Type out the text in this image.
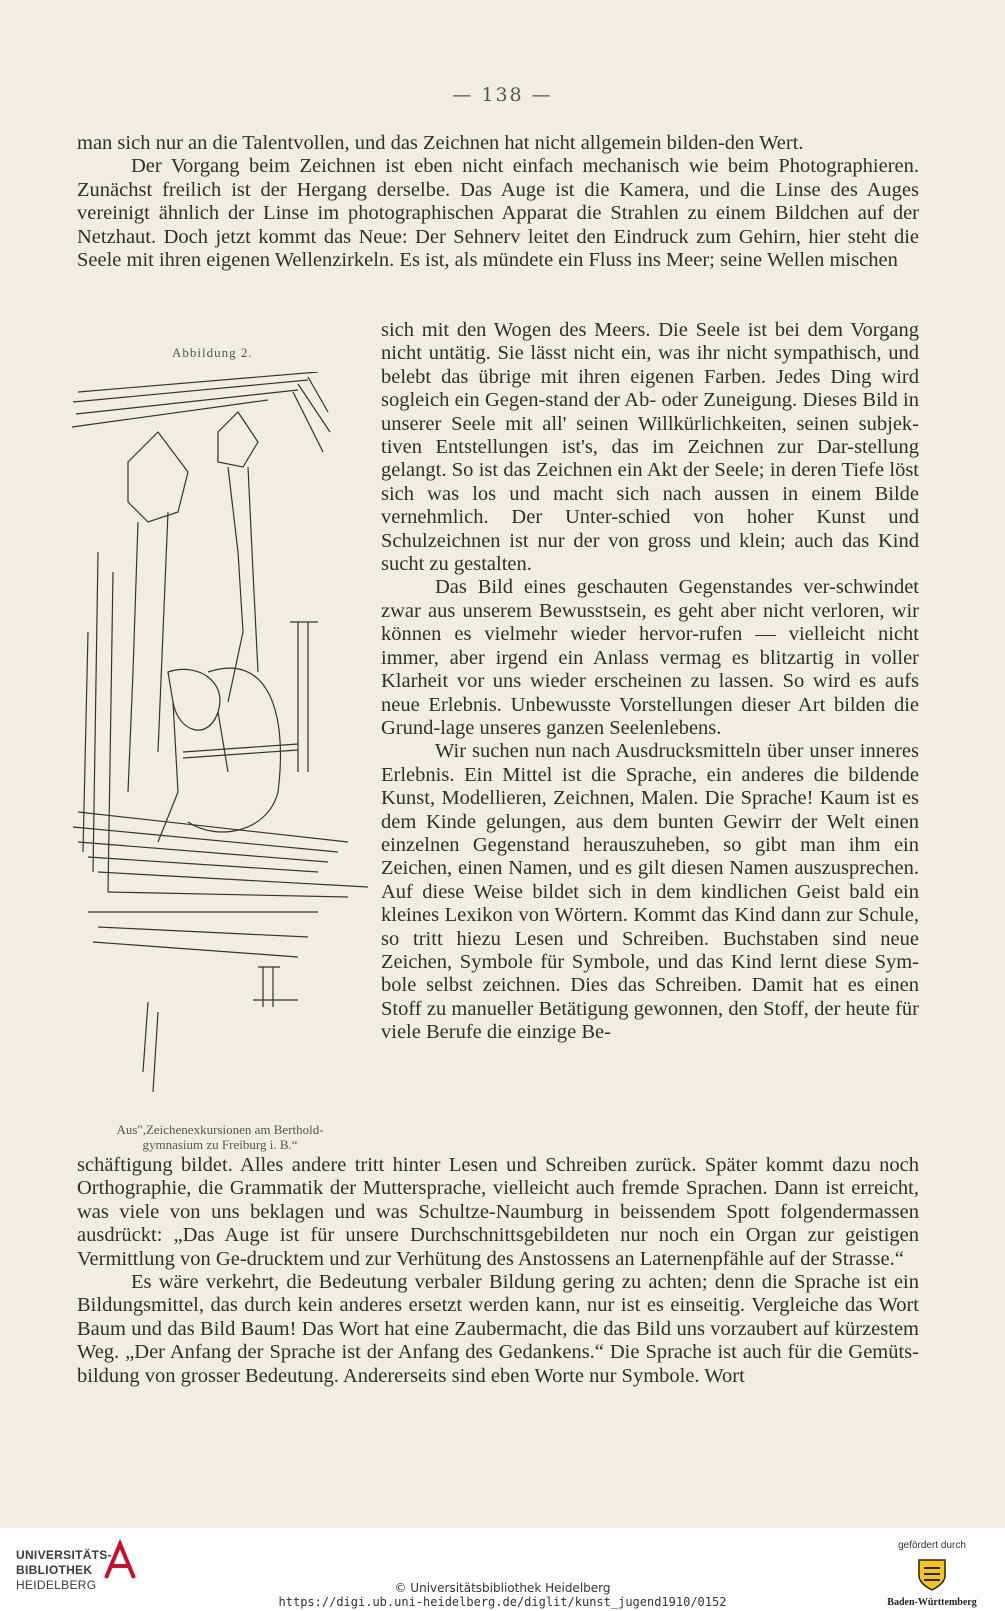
— 138 —

man sich nur an die Talentvollen, und das Zeichnen hat nicht allgemein bilden-den Wert.

Der Vorgang beim Zeichnen ist eben nicht einfach mechanisch wie beim Photographieren. Zunächst freilich ist der Hergang derselbe. Das Auge ist die Kamera, und die Linse des Auges vereinigt ähnlich der Linse im photographischen Apparat die Strahlen zu einem Bildchen auf der Netzhaut. Doch jetzt kommt das Neue: Der Sehnerv leitet den Eindruck zum Gehirn, hier steht die Seele mit ihren eigenen Wellenzirkeln. Es ist, als mündete ein Fluss ins Meer; seine Wellen mischen

Abbildung 2.
Aus",Zeichenexkursionen am Berthold-
gymnasium zu Freiburg i. B.“

sich mit den Wogen des Meers. Die Seele ist bei dem Vorgang nicht untätig. Sie lässt nicht ein, was ihr nicht sympathisch, und belebt das übrige mit ihren eigenen Farben. Jedes Ding wird sogleich ein Gegen-stand der Ab- oder Zuneigung. Dieses Bild in unserer Seele mit all' seinen Willkürlichkeiten, seinen subjek-tiven Entstellungen ist's, das im Zeichnen zur Dar-stellung gelangt. So ist das Zeichnen ein Akt der Seele; in deren Tiefe löst sich was los und macht sich nach aussen in einem Bilde vernehmlich. Der Unter-schied von hoher Kunst und Schulzeichnen ist nur der von gross und klein; auch das Kind sucht zu gestalten.

Das Bild eines geschauten Gegenstandes ver-schwindet zwar aus unserem Bewusstsein, es geht aber nicht verloren, wir können es vielmehr wieder hervor-rufen — vielleicht nicht immer, aber irgend ein Anlass vermag es blitzartig in voller Klarheit vor uns wieder erscheinen zu lassen. So wird es aufs neue Erlebnis. Unbewusste Vorstellungen dieser Art bilden die Grund-lage unseres ganzen Seelenlebens.

Wir suchen nun nach Ausdrucksmitteln über unser inneres Erlebnis. Ein Mittel ist die Sprache, ein anderes die bildende Kunst, Modellieren, Zeichnen, Malen. Die Sprache! Kaum ist es dem Kinde gelungen, aus dem bunten Gewirr der Welt einen einzelnen Gegenstand herauszuheben, so gibt man ihm ein Zeichen, einen Namen, und es gilt diesen Namen auszusprechen. Auf diese Weise bildet sich in dem kindlichen Geist bald ein kleines Lexikon von Wörtern. Kommt das Kind dann zur Schule, so tritt hiezu Lesen und Schreiben. Buchstaben sind neue Zeichen, Symbole für Symbole, und das Kind lernt diese Sym-bole selbst zeichnen. Dies das Schreiben. Damit hat es einen Stoff zu manueller Betätigung gewonnen, den Stoff, der heute für viele Berufe die einzige Be-

schäftigung bildet. Alles andere tritt hinter Lesen und Schreiben zurück. Später kommt dazu noch Orthographie, die Grammatik der Muttersprache, vielleicht auch fremde Sprachen. Dann ist erreicht, was viele von uns beklagen und was Schultze-Naumburg in beissendem Spott folgendermassen ausdrückt: „Das Auge ist für unsere Durchschnittsgebildeten nur noch ein Organ zur geistigen Vermittlung von Ge-drucktem und zur Verhütung des Anstossens an Laternenpfähle auf der Strasse.“

Es wäre verkehrt, die Bedeutung verbaler Bildung gering zu achten; denn die Sprache ist ein Bildungsmittel, das durch kein anderes ersetzt werden kann, nur ist es einseitig. Vergleiche das Wort Baum und das Bild Baum! Das Wort hat eine Zaubermacht, die das Bild uns vorzaubert auf kürzestem Weg. „Der Anfang der Sprache ist der Anfang des Gedankens.“ Die Sprache ist auch für die Gemüts-bildung von grosser Bedeutung. Andererseits sind eben Worte nur Symbole. Wort

UNIVERSITÄTS-
BIBLIOTHEK
HEIDELBERG	© Universitätsbibliothek Heidelberg
https://digi.ub.uni-heidelberg.de/diglit/kunst_jugend1910/0152
gefördert durch
Baden-Württemberg
